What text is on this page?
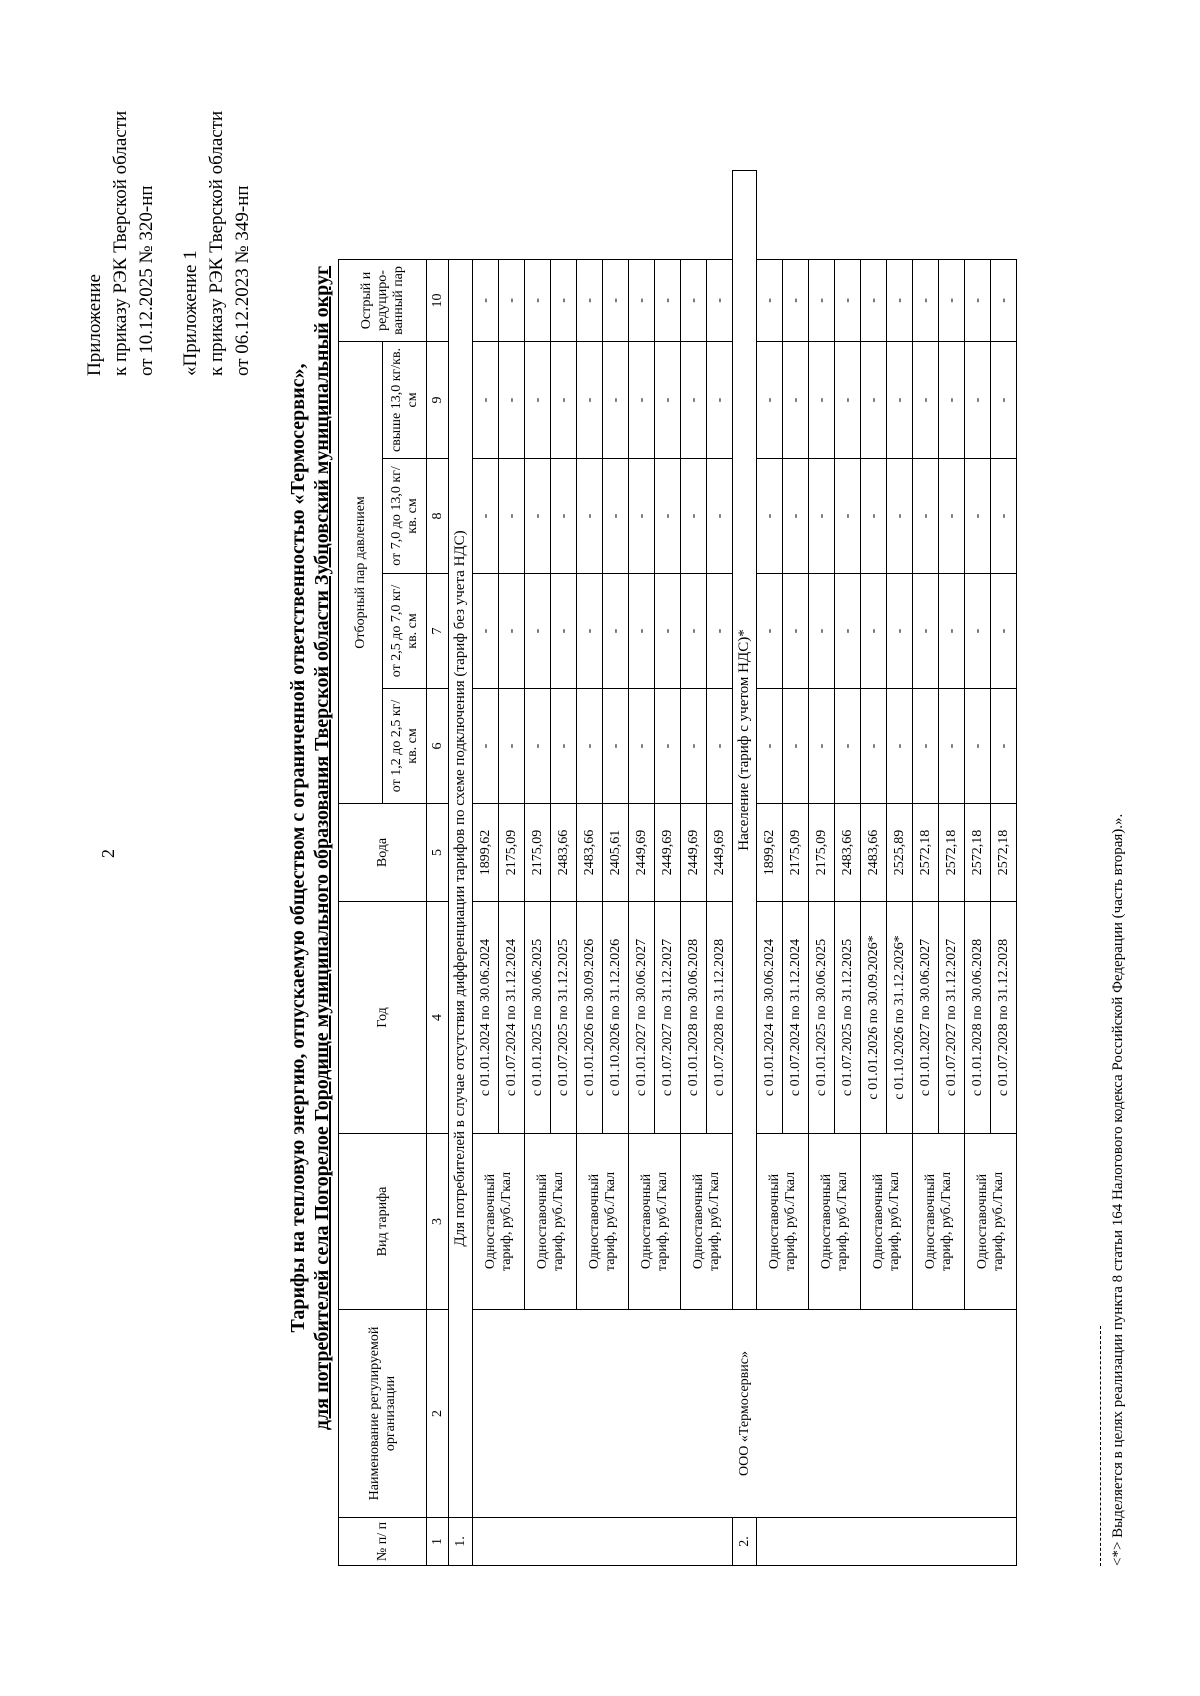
2
Приложение к приказу РЭК Тверской области от 10.12.2025 № 320-нп «Приложение 1 к приказу РЭК Тверской области от 06.12.2023 № 349-нп
Тарифы на тепловую энергию, отпускаемую обществом с ограниченной ответственностью «Термосервис», для потребителей села Погорелое Городище муниципального образования Тверской области Зубцовский муниципальный округ
№ п/ п	Наименование регулируемой организации	Вид тарифа	Год	Вода	Отборный пар давлением				Острый и редуциро-ванный пар
					от 1,2 до 2,5 кг/кв. см	от 2,5 до 7,0 кг/кв. см	от 7,0 до 13,0 кг/кв. см	свыше 13,0 кг/кв. см	
1	2	3	4	5	6	7	8	9	10
1.	Для потребителей в случае отсутствия дифференциации тарифов по схеме подключения (тариф без учета НДС)								
	ООО «Термосервис»	Одноставочный тариф, руб./Гкал	с 01.01.2024 по 30.06.2024	1899,62	-	-	-	-	-
			с 01.07.2024 по 31.12.2024	2175,09	-	-	-	-	-

		Одноставочный тариф, руб./Гкал	с 01.01.2025 по 30.06.2025	2175,09	-	-	-	-	-
			с 01.07.2025 по 31.12.2025	2483,66	-	-	-	-	-

		Одноставочный тариф, руб./Гкал	с 01.01.2026 по 30.09.2026	2483,66	-	-	-	-	-
			с 01.10.2026 по 31.12.2026	2405,61	-	-	-	-	-

		Одноставочный тариф, руб./Гкал	с 01.01.2027 по 30.06.2027	2449,69	-	-	-	-	-
			с 01.07.2027 по 31.12.2027	2449,69	-	-	-	-	-

		Одноставочный тариф, руб./Гкал	с 01.01.2028 по 30.06.2028	2449,69	-	-	-	-	-
			с 01.07.2028 по 31.12.2028	2449,69	-	-	-	-	-
2.		Население (тариф с учетом НДС)*							

		Одноставочный тариф, руб./Гкал	с 01.01.2024 по 30.06.2024	1899,62	-	-	-	-	-
			с 01.07.2024 по 31.12.2024	2175,09	-	-	-	-	-

		Одноставочный тариф, руб./Гкал	с 01.01.2025 по 30.06.2025	2175,09	-	-	-	-	-
			с 01.07.2025 по 31.12.2025	2483,66	-	-	-	-	-

		Одноставочный тариф, руб./Гкал	с 01.01.2026 по 30.09.2026*	2483,66	-	-	-	-	-
			с 01.10.2026 по 31.12.2026*	2525,89	-	-	-	-	-

		Одноставочный тариф, руб./Гкал	с 01.01.2027 по 30.06.2027	2572,18	-	-	-	-	-
			с 01.07.2027 по 31.12.2027	2572,18	-	-	-	-	-

		Одноставочный тариф, руб./Гкал	с 01.01.2028 по 30.06.2028	2572,18	-	-	-	-	-
			с 01.07.2028 по 31.12.2028	2572,18	-	-	-	-	-
<*> Выделяется в целях реализации пункта 8 статьи 164 Налогового кодекса Российской Федерации (часть вторая).».
